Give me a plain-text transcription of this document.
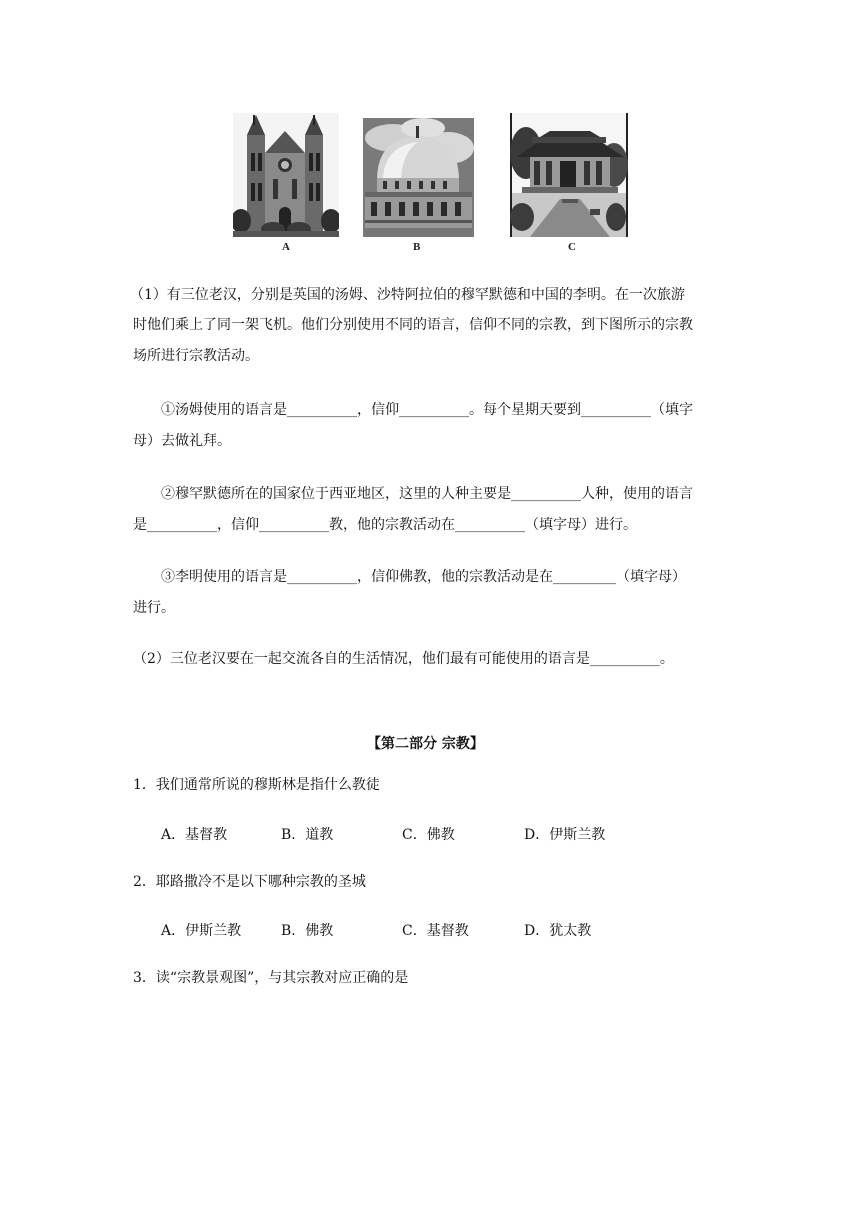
A	B	C
（1）有三位老汉，分别是英国的汤姆、沙特阿拉伯的穆罕默德和中国的李明。在一次旅游
时他们乘上了同一架飞机。他们分别使用不同的语言，信仰不同的宗教，到下图所示的宗教
场所进行宗教活动。
①汤姆使用的语言是__________，信仰__________。每个星期天要到__________（填字
母）去做礼拜。
②穆罕默德所在的国家位于西亚地区，这里的人种主要是__________人种，使用的语言
是__________，信仰__________教，他的宗教活动在__________（填字母）进行。
③李明使用的语言是__________，信仰佛教，他的宗教活动是在_________（填字母）
进行。
（2）三位老汉要在一起交流各自的生活情况，他们最有可能使用的语言是__________。
【第二部分 宗教】
1．我们通常所说的穆斯林是指什么教徒
A．基督教	B．道教	C．佛教	D．伊斯兰教
2．耶路撒冷不是以下哪种宗教的圣城
A．伊斯兰教	B．佛教	C．基督教	D．犹太教
3．读“宗教景观图”，与其宗教对应正确的是
